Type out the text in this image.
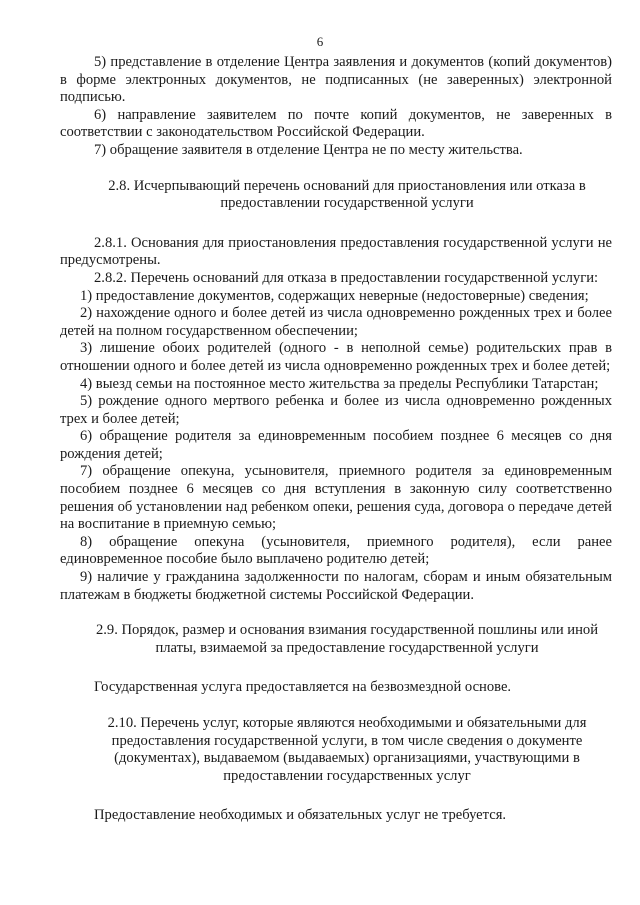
6

5) представление в отделение Центра заявления и документов (копий документов) в форме электронных документов, не подписанных (не заверенных) электронной подписью.

6) направление заявителем по почте копий документов, не заверенных в соответствии с законодательством Российской Федерации.

7) обращение заявителя в отделение Центра не по месту жительства.

2.8. Исчерпывающий перечень оснований для приостановления или отказа в предоставлении государственной услуги

2.8.1. Основания для приостановления предоставления государственной услуги не предусмотрены.

2.8.2. Перечень оснований для отказа в предоставлении государственной услуги:

1) предоставление документов, содержащих неверные (недостоверные) сведения;

2) нахождение одного и более детей из числа одновременно рожденных трех и более детей на полном государственном обеспечении;

3) лишение обоих родителей (одного - в неполной семье) родительских прав в отношении одного и более детей из числа одновременно рожденных трех и более детей;

4) выезд семьи на постоянное место жительства за пределы Республики Татарстан;

5) рождение одного мертвого ребенка и более из числа одновременно рожденных трех и более детей;

6) обращение родителя за единовременным пособием позднее 6 месяцев со дня рождения детей;

7) обращение опекуна, усыновителя, приемного родителя за единовременным пособием позднее 6 месяцев со дня вступления в законную силу соответственно решения об установлении над ребенком опеки, решения суда, договора о передаче детей на воспитание в приемную семью;

8) обращение опекуна (усыновителя, приемного родителя), если ранее единовременное пособие было выплачено родителю детей;

9) наличие у гражданина задолженности по налогам, сборам и иным обязательным платежам в бюджеты бюджетной системы Российской Федерации.

2.9. Порядок, размер и основания взимания государственной пошлины или иной платы, взимаемой за предоставление государственной услуги

Государственная услуга предоставляется на безвозмездной основе.

2.10. Перечень услуг, которые являются необходимыми и обязательными для предоставления государственной услуги, в том числе сведения о документе (документах), выдаваемом (выдаваемых) организациями, участвующими в предоставлении государственных услуг

Предоставление необходимых и обязательных услуг не требуется.
